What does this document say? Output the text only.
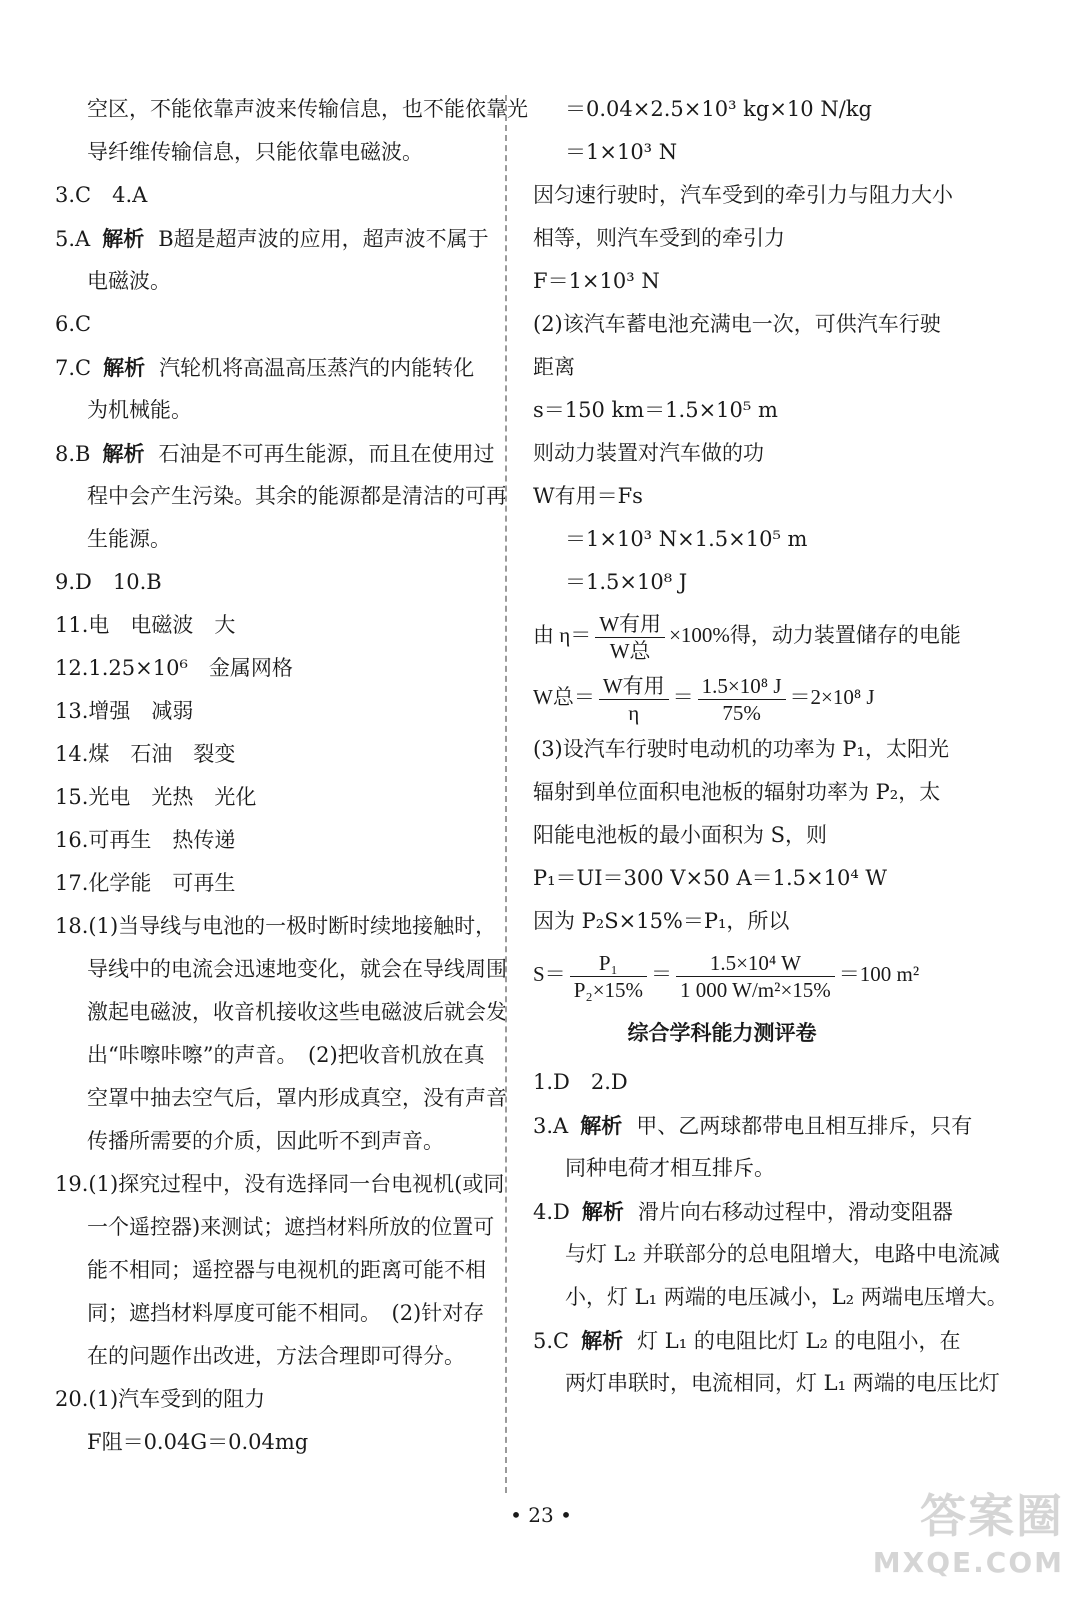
空区，不能依靠声波来传输信息，也不能依靠光
导纤维传输信息，只能依靠电磁波。
3.C　4.A
5.A 解析 B超是超声波的应用，超声波不属于
电磁波。
6.C
7.C 解析 汽轮机将高温高压蒸汽的内能转化
为机械能。
8.B 解析 石油是不可再生能源，而且在使用过
程中会产生污染。其余的能源都是清洁的可再
生能源。
9.D　10.B
11.电　电磁波　大
12.1.25×10⁶　金属网格
13.增强　减弱
14.煤　石油　裂变
15.光电　光热　光化
16.可再生　热传递
17.化学能　可再生
18.(1)当导线与电池的一极时断时续地接触时，
导线中的电流会迅速地变化，就会在导线周围
激起电磁波，收音机接收这些电磁波后就会发
出“咔嚓咔嚓”的声音。　(2)把收音机放在真
空罩中抽去空气后，罩内形成真空，没有声音
传播所需要的介质，因此听不到声音。
19.(1)探究过程中，没有选择同一台电视机(或同
一个遥控器)来测试；遮挡材料所放的位置可
能不相同；遥控器与电视机的距离可能不相
同；遮挡材料厚度可能不相同。　(2)针对存
在的问题作出改进，方法合理即可得分。
20.(1)汽车受到的阻力
F阻＝0.04G＝0.04mg
＝0.04×2.5×10³ kg×10 N/kg
＝1×10³ N
因匀速行驶时，汽车受到的牵引力与阻力大小
相等，则汽车受到的牵引力
F＝1×10³ N
(2)该汽车蓄电池充满电一次，可供汽车行驶
距离
s＝150 km＝1.5×10⁵ m
则动力装置对汽车做的功
W有用＝Fs
＝1×10³ N×1.5×10⁵ m
＝1.5×10⁸ J
由 $\eta= \frac{\text{W有用}}{\text{W总}} \times 100\%$得，动力装置储存的电能
W总＝ $\frac{\text{W有用}}{\eta} = \frac{\text{1.5×10⁸ J}}{75\%} =2\times 10^8$ J
(3)设汽车行驶时电动机的功率为 P₁，太阳光
辐射到单位面积电池板的辐射功率为 P₂，太
阳能电池板的最小面积为 S，则
P₁＝UI＝300 V×50 A＝1.5×10⁴ W
因为 P₂S×15%＝P₁，所以
$S= \frac{\text{P₁}}{\text{P₂×15\%}} = \frac{\text{1.5×10⁴ W}}{\text{1 000 W/m²×15\%}} =100$ m²
综合学科能力测评卷
1.D　2.D
3.A 解析 甲、乙两球都带电且相互排斥，只有
同种电荷才相互排斥。
4.D 解析 滑片向右移动过程中，滑动变阻器
与灯 L₂ 并联部分的总电阻增大，电路中电流减
小，灯 L₁ 两端的电压减小，L₂ 两端电压增大。
5.C 解析 灯 L₁ 的电阻比灯 L₂ 的电阻小，在
两灯串联时，电流相同，灯 L₁ 两端的电压比灯
• 23 •	答案圈
MXQE.COM
